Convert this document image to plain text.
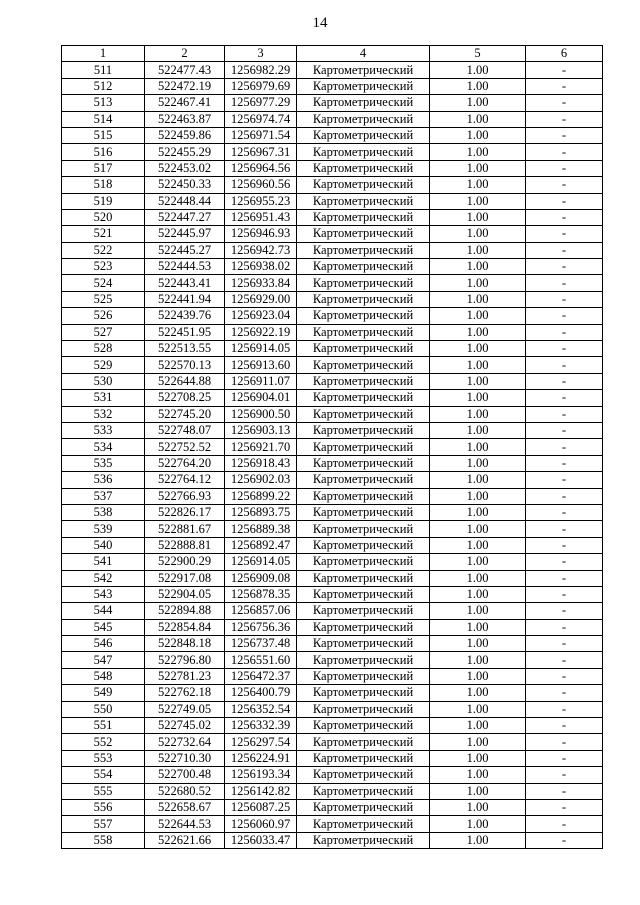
14
1	2	3	4	5	6
511	522477.43	1256982.29	Картометрический	1.00	-
512	522472.19	1256979.69	Картометрический	1.00	-
513	522467.41	1256977.29	Картометрический	1.00	-
514	522463.87	1256974.74	Картометрический	1.00	-
515	522459.86	1256971.54	Картометрический	1.00	-
516	522455.29	1256967.31	Картометрический	1.00	-
517	522453.02	1256964.56	Картометрический	1.00	-
518	522450.33	1256960.56	Картометрический	1.00	-
519	522448.44	1256955.23	Картометрический	1.00	-
520	522447.27	1256951.43	Картометрический	1.00	-
521	522445.97	1256946.93	Картометрический	1.00	-
522	522445.27	1256942.73	Картометрический	1.00	-
523	522444.53	1256938.02	Картометрический	1.00	-
524	522443.41	1256933.84	Картометрический	1.00	-
525	522441.94	1256929.00	Картометрический	1.00	-
526	522439.76	1256923.04	Картометрический	1.00	-
527	522451.95	1256922.19	Картометрический	1.00	-
528	522513.55	1256914.05	Картометрический	1.00	-
529	522570.13	1256913.60	Картометрический	1.00	-
530	522644.88	1256911.07	Картометрический	1.00	-
531	522708.25	1256904.01	Картометрический	1.00	-
532	522745.20	1256900.50	Картометрический	1.00	-
533	522748.07	1256903.13	Картометрический	1.00	-
534	522752.52	1256921.70	Картометрический	1.00	-
535	522764.20	1256918.43	Картометрический	1.00	-
536	522764.12	1256902.03	Картометрический	1.00	-
537	522766.93	1256899.22	Картометрический	1.00	-
538	522826.17	1256893.75	Картометрический	1.00	-
539	522881.67	1256889.38	Картометрический	1.00	-
540	522888.81	1256892.47	Картометрический	1.00	-
541	522900.29	1256914.05	Картометрический	1.00	-
542	522917.08	1256909.08	Картометрический	1.00	-
543	522904.05	1256878.35	Картометрический	1.00	-
544	522894.88	1256857.06	Картометрический	1.00	-
545	522854.84	1256756.36	Картометрический	1.00	-
546	522848.18	1256737.48	Картометрический	1.00	-
547	522796.80	1256551.60	Картометрический	1.00	-
548	522781.23	1256472.37	Картометрический	1.00	-
549	522762.18	1256400.79	Картометрический	1.00	-
550	522749.05	1256352.54	Картометрический	1.00	-
551	522745.02	1256332.39	Картометрический	1.00	-
552	522732.64	1256297.54	Картометрический	1.00	-
553	522710.30	1256224.91	Картометрический	1.00	-
554	522700.48	1256193.34	Картометрический	1.00	-
555	522680.52	1256142.82	Картометрический	1.00	-
556	522658.67	1256087.25	Картометрический	1.00	-
557	522644.53	1256060.97	Картометрический	1.00	-
558	522621.66	1256033.47	Картометрический	1.00	-
